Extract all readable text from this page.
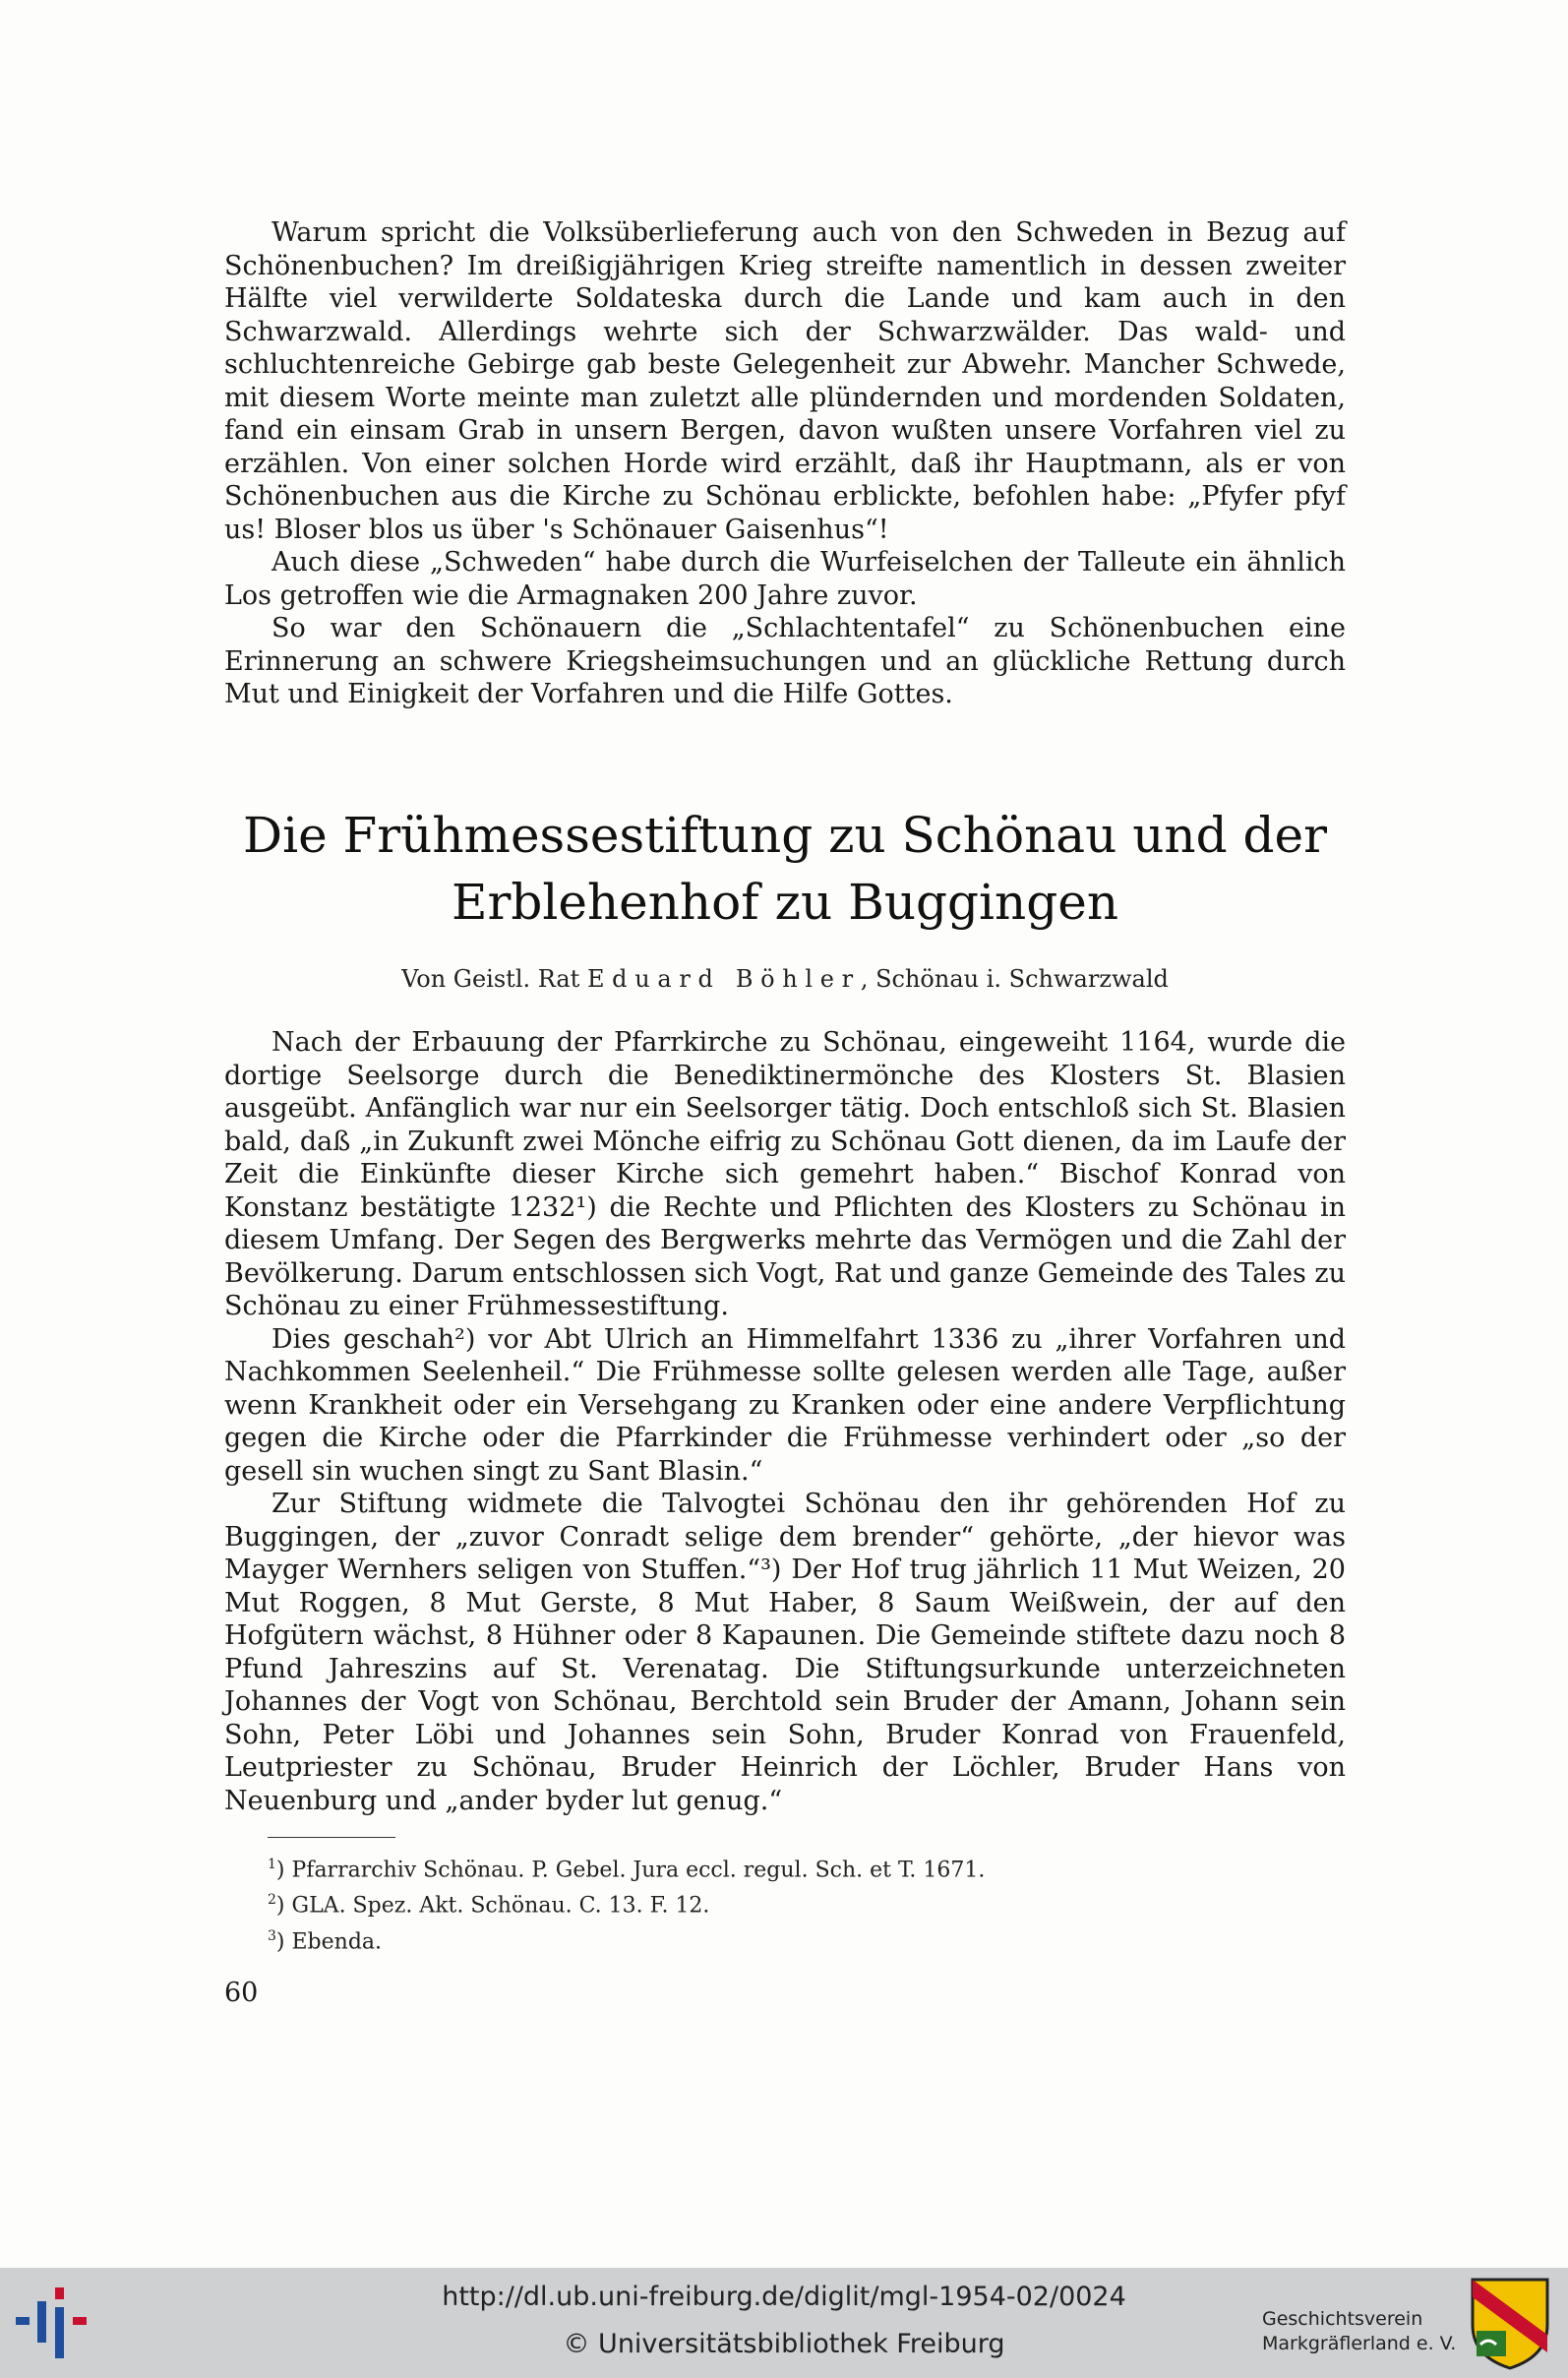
Warum spricht die Volksüberlieferung auch von den Schweden in Bezug auf Schönenbuchen? Im dreißigjährigen Krieg streifte namentlich in dessen zweiter Hälfte viel verwilderte Soldateska durch die Lande und kam auch in den Schwarzwald. Allerdings wehrte sich der Schwarzwälder. Das wald- und schluchtenreiche Gebirge gab beste Gelegenheit zur Abwehr. Mancher Schwede, mit diesem Worte meinte man zuletzt alle plündernden und mordenden Soldaten, fand ein einsam Grab in unsern Bergen, davon wußten unsere Vorfahren viel zu erzählen. Von einer solchen Horde wird erzählt, daß ihr Hauptmann, als er von Schönenbuchen aus die Kirche zu Schönau erblickte, befohlen habe: „Pfyfer pfyf us! Bloser blos us über 's Schönauer Gaisenhus“!

Auch diese „Schweden“ habe durch die Wurfeiselchen der Talleute ein ähnlich Los getroffen wie die Armagnaken 200 Jahre zuvor.

So war den Schönauern die „Schlachtentafel“ zu Schönenbuchen eine Erinnerung an schwere Kriegsheimsuchungen und an glückliche Rettung durch Mut und Einigkeit der Vorfahren und die Hilfe Gottes.

Die Frühmessestiftung zu Schönau und der
Erblehenhof zu Buggingen
Von Geistl. Rat Eduard Böhler, Schönau i. Schwarzwald

Nach der Erbauung der Pfarrkirche zu Schönau, eingeweiht 1164, wurde die dortige Seelsorge durch die Benediktinermönche des Klosters St. Blasien ausgeübt. Anfänglich war nur ein Seelsorger tätig. Doch entschloß sich St. Blasien bald, daß „in Zukunft zwei Mönche eifrig zu Schönau Gott dienen, da im Laufe der Zeit die Einkünfte dieser Kirche sich gemehrt haben.“ Bischof Konrad von Konstanz bestätigte 1232¹) die Rechte und Pflichten des Klosters zu Schönau in diesem Umfang. Der Segen des Bergwerks mehrte das Vermögen und die Zahl der Bevölkerung. Darum entschlossen sich Vogt, Rat und ganze Gemeinde des Tales zu Schönau zu einer Frühmessestiftung.

Dies geschah²) vor Abt Ulrich an Himmelfahrt 1336 zu „ihrer Vorfahren und Nachkommen Seelenheil.“ Die Frühmesse sollte gelesen werden alle Tage, außer wenn Krankheit oder ein Versehgang zu Kranken oder eine andere Verpflichtung gegen die Kirche oder die Pfarrkinder die Frühmesse verhindert oder „so der gesell sin wuchen singt zu Sant Blasin.“

Zur Stiftung widmete die Talvogtei Schönau den ihr gehörenden Hof zu Buggingen, der „zuvor Conradt selige dem brender“ gehörte, „der hievor was Mayger Wernhers seligen von Stuffen.“³) Der Hof trug jährlich 11 Mut Weizen, 20 Mut Roggen, 8 Mut Gerste, 8 Mut Haber, 8 Saum Weißwein, der auf den Hofgütern wächst, 8 Hühner oder 8 Kapaunen. Die Gemeinde stiftete dazu noch 8 Pfund Jahreszins auf St. Verenatag. Die Stiftungsurkunde unterzeichneten Johannes der Vogt von Schönau, Berchtold sein Bruder der Amann, Johann sein Sohn, Peter Löbi und Johannes sein Sohn, Bruder Konrad von Frauenfeld, Leutpriester zu Schönau, Bruder Heinrich der Löchler, Bruder Hans von Neuenburg und „ander byder lut genug.“

$^1$) Pfarrarchiv Schönau. P. Gebel. Jura eccl. regul. Sch. et T. 1671.
$^2$) GLA. Spez. Akt. Schönau. C. 13. F. 12.
$^3$) Ebenda.
60
http://dl.ub.uni-freiburg.de/diglit/mgl-1954-02/0024
© Universitätsbibliothek Freiburg
Geschichtsverein
Markgräflerland e. V.
